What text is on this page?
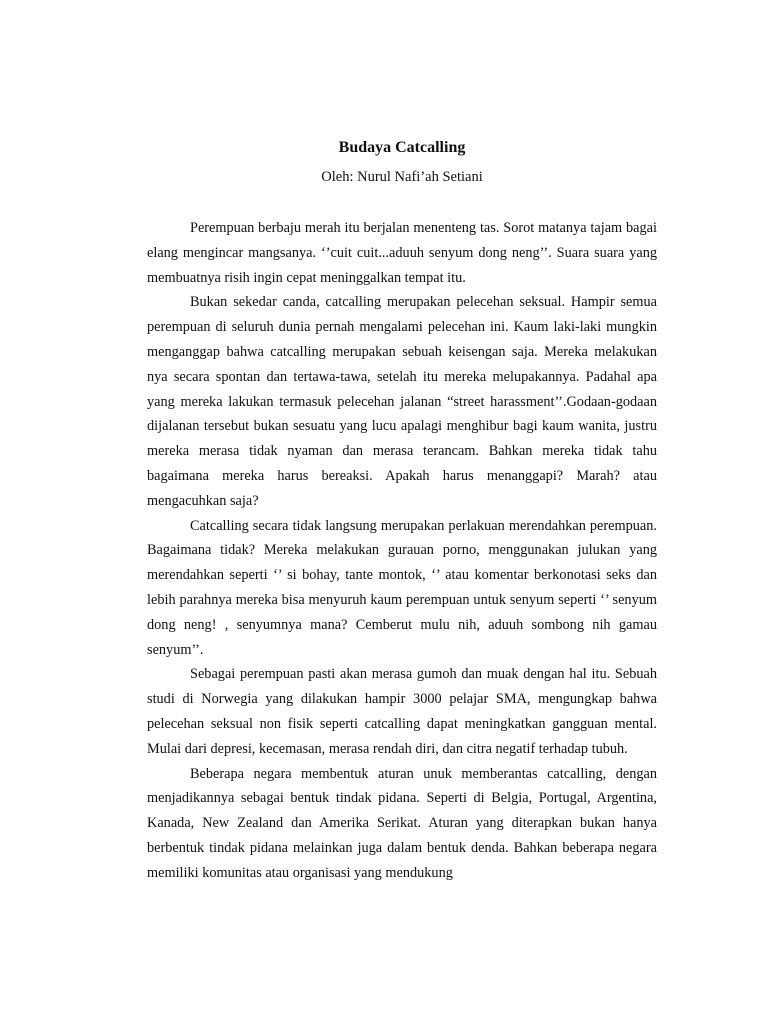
Budaya Catcalling

Oleh: Nurul Nafi’ah Setiani

Perempuan berbaju merah itu berjalan menenteng tas. Sorot matanya tajam bagai elang mengincar mangsanya. ‘’cuit cuit...aduuh senyum dong neng’’. Suara suara yang membuatnya risih ingin cepat meninggalkan tempat itu.

Bukan sekedar canda, catcalling merupakan pelecehan seksual. Hampir semua perempuan di seluruh dunia pernah mengalami pelecehan ini. Kaum laki-laki mungkin menganggap bahwa catcalling merupakan sebuah keisengan saja. Mereka melakukan nya secara spontan dan tertawa-tawa, setelah itu mereka melupakannya. Padahal apa yang mereka lakukan termasuk pelecehan jalanan “street harassment’’.Godaan-godaan dijalanan tersebut bukan sesuatu yang lucu apalagi menghibur bagi kaum wanita, justru mereka merasa tidak nyaman dan merasa terancam. Bahkan mereka tidak tahu bagaimana mereka harus bereaksi. Apakah harus menanggapi? Marah? atau mengacuhkan saja?

Catcalling secara tidak langsung merupakan perlakuan merendahkan perempuan. Bagaimana tidak? Mereka melakukan gurauan porno, menggunakan julukan yang merendahkan seperti ‘’ si bohay, tante montok, ‘’ atau komentar berkonotasi seks dan lebih parahnya mereka bisa menyuruh kaum perempuan untuk senyum seperti ‘’ senyum dong neng! , senyumnya mana? Cemberut mulu nih, aduuh sombong nih gamau senyum’’.

Sebagai perempuan pasti akan merasa gumoh dan muak dengan hal itu. Sebuah studi di Norwegia yang dilakukan hampir 3000 pelajar SMA, mengungkap bahwa pelecehan seksual non fisik seperti catcalling dapat meningkatkan gangguan mental. Mulai dari depresi, kecemasan, merasa rendah diri, dan citra negatif terhadap tubuh.

Beberapa negara membentuk aturan unuk memberantas catcalling, dengan menjadikannya sebagai bentuk tindak pidana. Seperti di Belgia, Portugal, Argentina, Kanada, New Zealand dan Amerika Serikat. Aturan yang diterapkan bukan hanya berbentuk tindak pidana melainkan juga dalam bentuk denda. Bahkan beberapa negara memiliki komunitas atau organisasi yang mendukung
